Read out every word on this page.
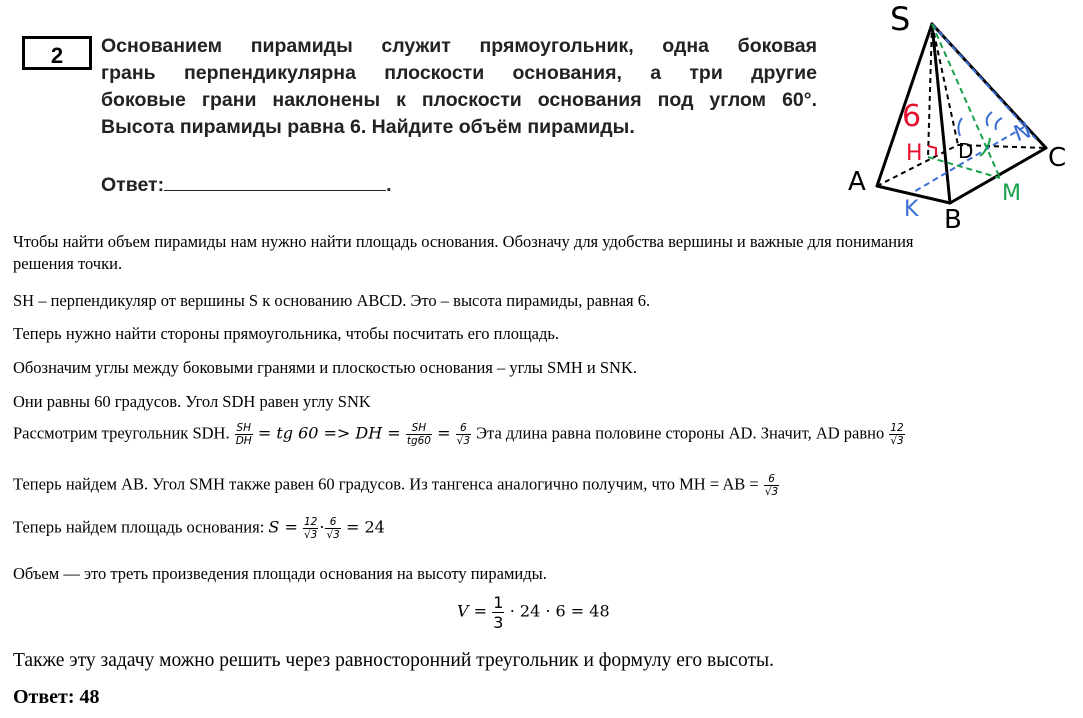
2	Основанием пирамиды служит прямоугольник, одна боковая
грань перпендикулярна плоскости основания, а три другие
боковые грани наклонены к плоскости основания под углом 60°.
Высота пирамиды равна 6. Найдите объём пирамиды.
Ответ:	.
S
A
B
C
D
H
6
K
N
M
Чтобы найти объем пирамиды нам нужно найти площадь основания. Обозначу для удобства вершины и важные для понимания
решения точки.
SH – перпендикуляр от вершины S к основанию ABCD. Это – высота пирамиды, равная 6.
Теперь нужно найти стороны прямоугольника, чтобы посчитать его площадь.
Обозначим углы между боковыми гранями и плоскостью основания – углы SMH и SNK.
Они равны 60 градусов. Угол SDH равен углу SNK
Рассмотрим треугольник SDH. $\frac{SH}{DH}$ = tg 60 => DH = $\frac{SH}{tg60} = \frac{6}{√3}$ Эта длина равна половине стороны AD. Значит, AD равно $\frac{12}{√3}$
Теперь найдем AB. Угол SMH также равен 60 градусов. Из тангенса аналогично получим, что MH = AB = $\frac{6}{√3}$
Теперь найдем площадь основания: $S = \frac{12}{√3} \cdot \frac{6}{√3} = 24$
Объем — это треть произведения площади основания на высоту пирамиды.
$V = \frac{1}{3} \cdot 24 \cdot 6 = 48$
Также эту задачу можно решить через равносторонний треугольник и формулу его высоты.
Ответ: 48
